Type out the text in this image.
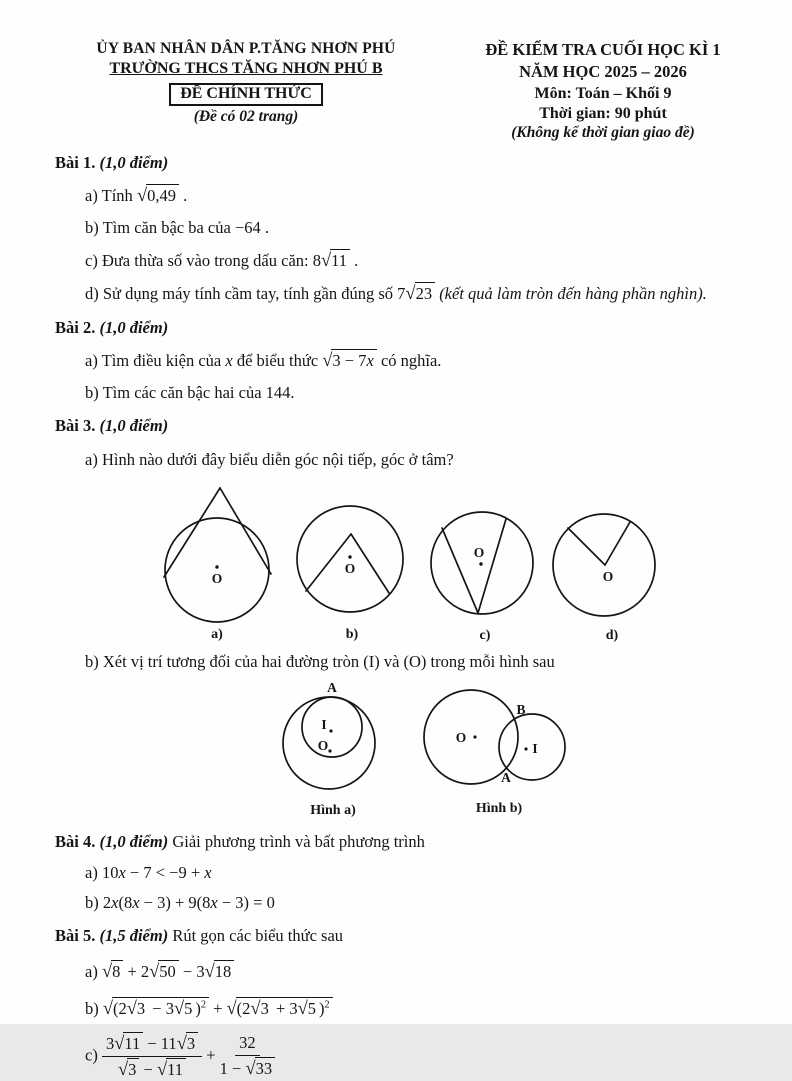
ỦY BAN NHÂN DÂN P.TĂNG NHƠN PHÚ
TRƯỜNG THCS TĂNG NHƠN PHÚ B
ĐỀ CHÍNH THỨC
(Đề có 02 trang)
ĐỀ KIỂM TRA CUỐI HỌC KÌ 1
NĂM HỌC 2025 – 2026
Môn: Toán – Khối 9
Thời gian: 90 phút
(Không kể thời gian giao đề)
Bài 1. (1,0 điểm)
a) Tính √0,49 .
b) Tìm căn bậc ba của −64 .
c) Đưa thừa số vào trong dấu căn: 8√11 .
d) Sử dụng máy tính cầm tay, tính gần đúng số 7√23 (kết quả làm tròn đến hàng phần nghìn).
Bài 2. (1,0 điểm)
a) Tìm điều kiện của x để biểu thức √3 − 7x có nghĩa.
b) Tìm các căn bậc hai của 144.
Bài 3. (1,0 điểm)
a) Hình nào dưới đây biểu diễn góc nội tiếp, góc ở tâm?
O
a)
O
b)
O
c)
O
d)
b) Xét vị trí tương đối của hai đường tròn (I) và (O) trong mỗi hình sau
A
I
O
Hình a)
O
I
B
A
Hình b)
Bài 4. (1,0 điểm) Giải phương trình và bất phương trình
a) 10x − 7 < −9 + x
b) 2x(8x − 3) + 9(8x − 3) = 0
Bài 5. (1,5 điểm) Rút gọn các biểu thức sau
a) √8 + 2√50 − 3√18
b) √(2√3 − 3√5 )$^2$ + √(2√3 + 3√5 )$^2$
$c) \frac{3√11 - 11√3}{√3 - √11} + \frac{32}{1 - √33}$
